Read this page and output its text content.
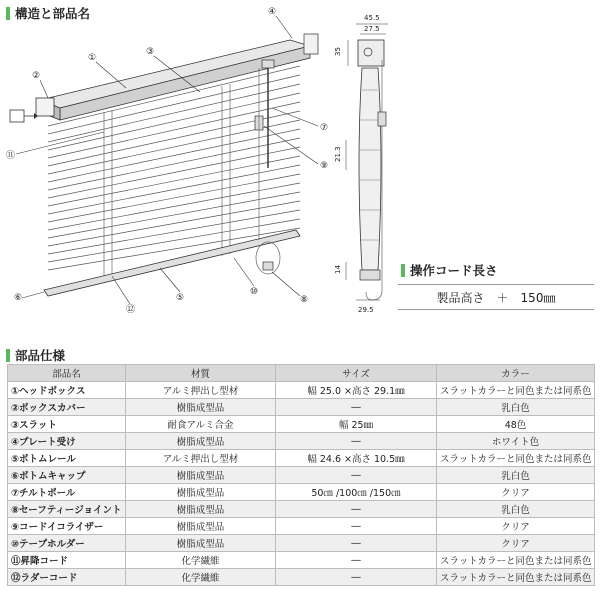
構造と部品名
①
②
③
④
⑤
⑥
⑦
⑧
⑨
⑩
⑪
⑫
45.5
27.5
35
21.3
14
29.5
操作コード長さ
製品高さ　＋　150㎜
部品仕様
部品名	材質	サイズ	カラー
①ヘッドボックス	アルミ押出し型材	幅 25.0 ×高さ 29.1㎜	スラットカラーと同色または同系色
②ボックスカバー	樹脂成型品	―	乳白色
③スラット	耐食アルミ合金	幅 25㎜	48色
④プレート受け	樹脂成型品	―	ホワイト色
⑤ボトムレール	アルミ押出し型材	幅 24.6 ×高さ 10.5㎜	スラットカラーと同色または同系色
⑥ボトムキャップ	樹脂成型品	―	乳白色
⑦チルトポール	樹脂成型品	50㎝ /100㎝ /150㎝	クリア
⑧セーフティージョイント	樹脂成型品	―	乳白色
⑨コードイコライザー	樹脂成型品	―	クリア
⑩テープホルダー	樹脂成型品	―	クリア
⑪昇降コード	化学繊維	―	スラットカラーと同色または同系色
⑫ラダーコード	化学繊維	―	スラットカラーと同色または同系色
